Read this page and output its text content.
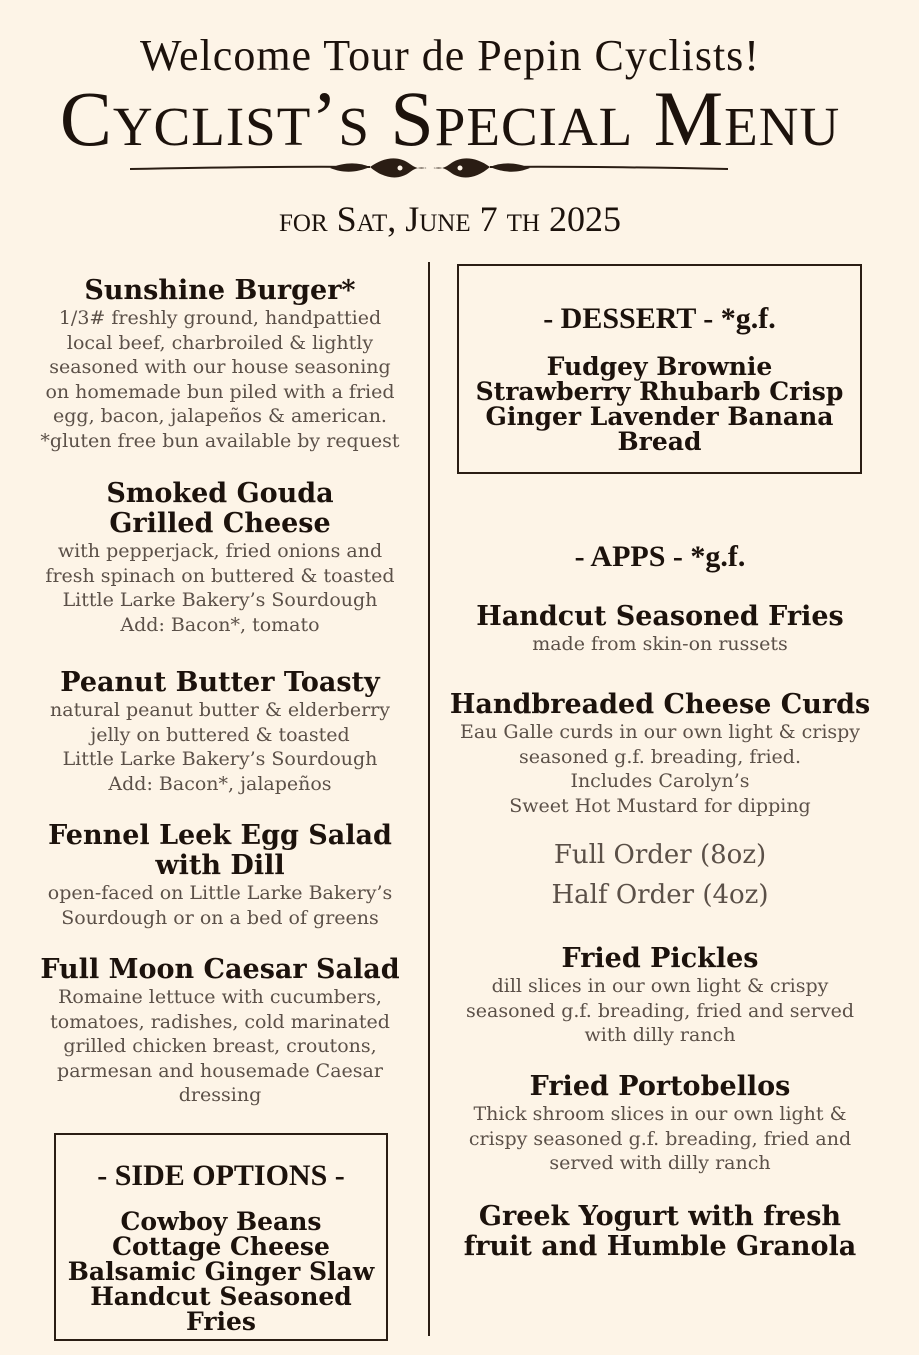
Welcome Tour de Pepin Cyclists!
Cyclist’s Special Menu
for Sat, June 7 th 2025
Sunshine Burger*
1/3# freshly ground, handpattied
local beef, charbroiled & lightly
seasoned with our house seasoning
on homemade bun piled with a fried
egg, bacon, jalapeños & american.
*gluten free bun available by request
Smoked Gouda
Grilled Cheese
with pepperjack, fried onions and
fresh spinach on buttered & toasted
Little Larke Bakery’s Sourdough
Add: Bacon*, tomato
Peanut Butter Toasty
natural peanut butter & elderberry
jelly on buttered & toasted
Little Larke Bakery’s Sourdough
Add: Bacon*, jalapeños
Fennel Leek Egg Salad
with Dill
open-faced on Little Larke Bakery’s
Sourdough or on a bed of greens
Full Moon Caesar Salad
Romaine lettuce with cucumbers,
tomatoes, radishes, cold marinated
grilled chicken breast, croutons,
parmesan and housemade Caesar
dressing
- SIDE OPTIONS -
Cowboy Beans
Cottage Cheese
Balsamic Ginger Slaw
Handcut Seasoned Fries
- DESSERT - *g.f.
Fudgey Brownie
Strawberry Rhubarb Crisp
Ginger Lavender Banana Bread
- APPS - *g.f.
Handcut Seasoned Fries
made from skin-on russets
Handbreaded Cheese Curds
Eau Galle curds in our own light & crispy
seasoned g.f. breading, fried.
Includes Carolyn’s
Sweet Hot Mustard for dipping
Full Order (8oz)
Half Order (4oz)
Fried Pickles
dill slices in our own light & crispy
seasoned g.f. breading, fried and served
with dilly ranch
Fried Portobellos
Thick shroom slices in our own light &
crispy seasoned g.f. breading, fried and
served with dilly ranch
Greek Yogurt with fresh
fruit and Humble Granola
